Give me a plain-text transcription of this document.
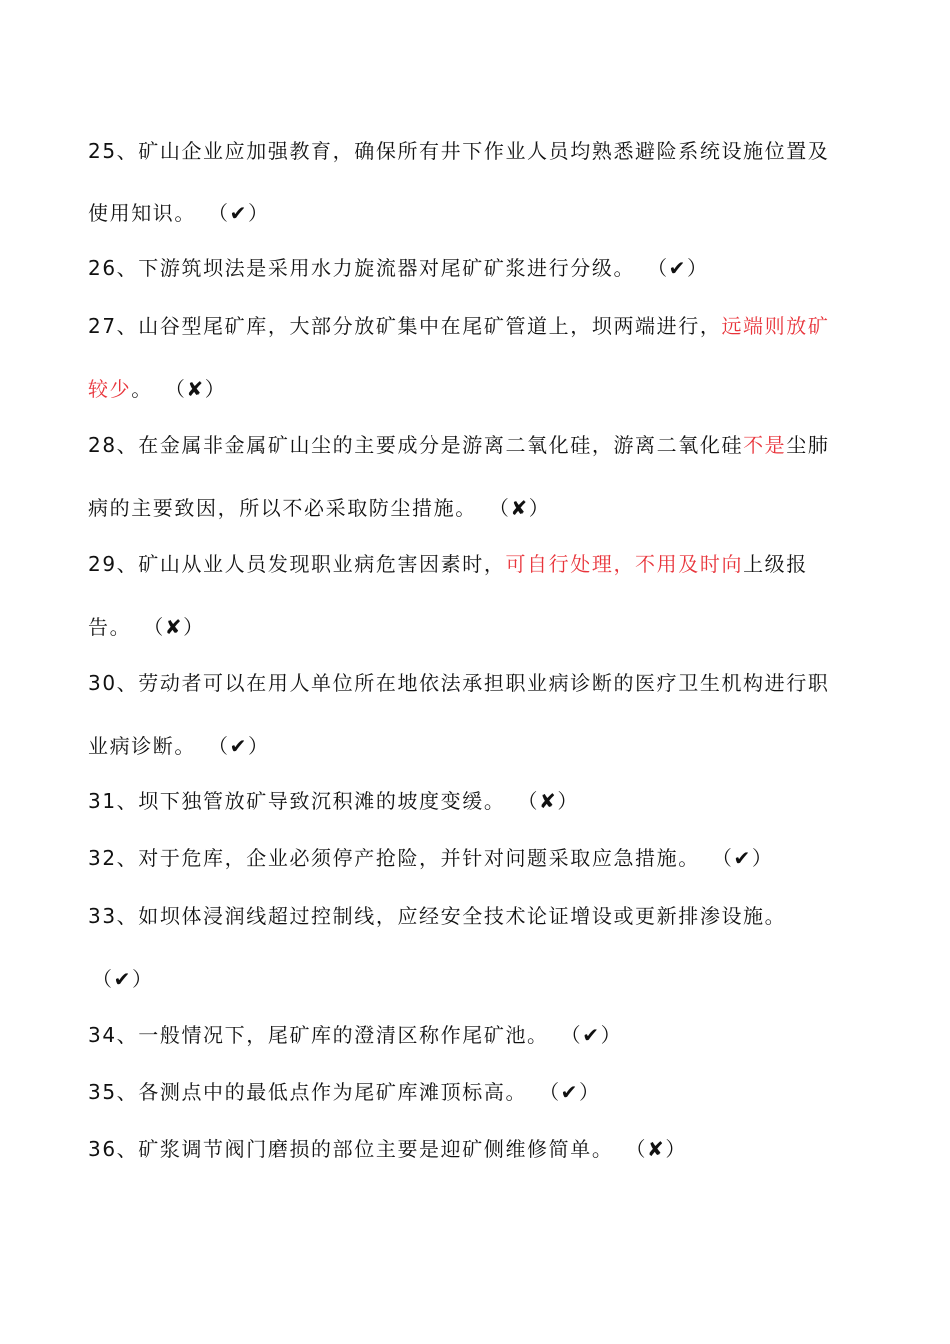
25、矿山企业应加强教育，确保所有井下作业人员均熟悉避险系统设施位置及
使用知识。 （✔）
26、下游筑坝法是采用水力旋流器对尾矿矿浆进行分级。 （✔）
27、山谷型尾矿库，大部分放矿集中在尾矿管道上，坝两端进行，远端则放矿
较少。 （✘）
28、在金属非金属矿山尘的主要成分是游离二氧化硅，游离二氧化硅不是尘肺
病的主要致因，所以不必采取防尘措施。 （✘）
29、矿山从业人员发现职业病危害因素时，可自行处理，不用及时向上级报
告。 （✘）
30、劳动者可以在用人单位所在地依法承担职业病诊断的医疗卫生机构进行职
业病诊断。 （✔）
31、坝下独管放矿导致沉积滩的坡度变缓。 （✘）
32、对于危库，企业必须停产抢险，并针对问题采取应急措施。 （✔）
33、如坝体浸润线超过控制线，应经安全技术论证增设或更新排渗设施。
（✔）
34、一般情况下，尾矿库的澄清区称作尾矿池。 （✔）
35、各测点中的最低点作为尾矿库滩顶标高。 （✔）
36、矿浆调节阀门磨损的部位主要是迎矿侧维修简单。 （✘）
